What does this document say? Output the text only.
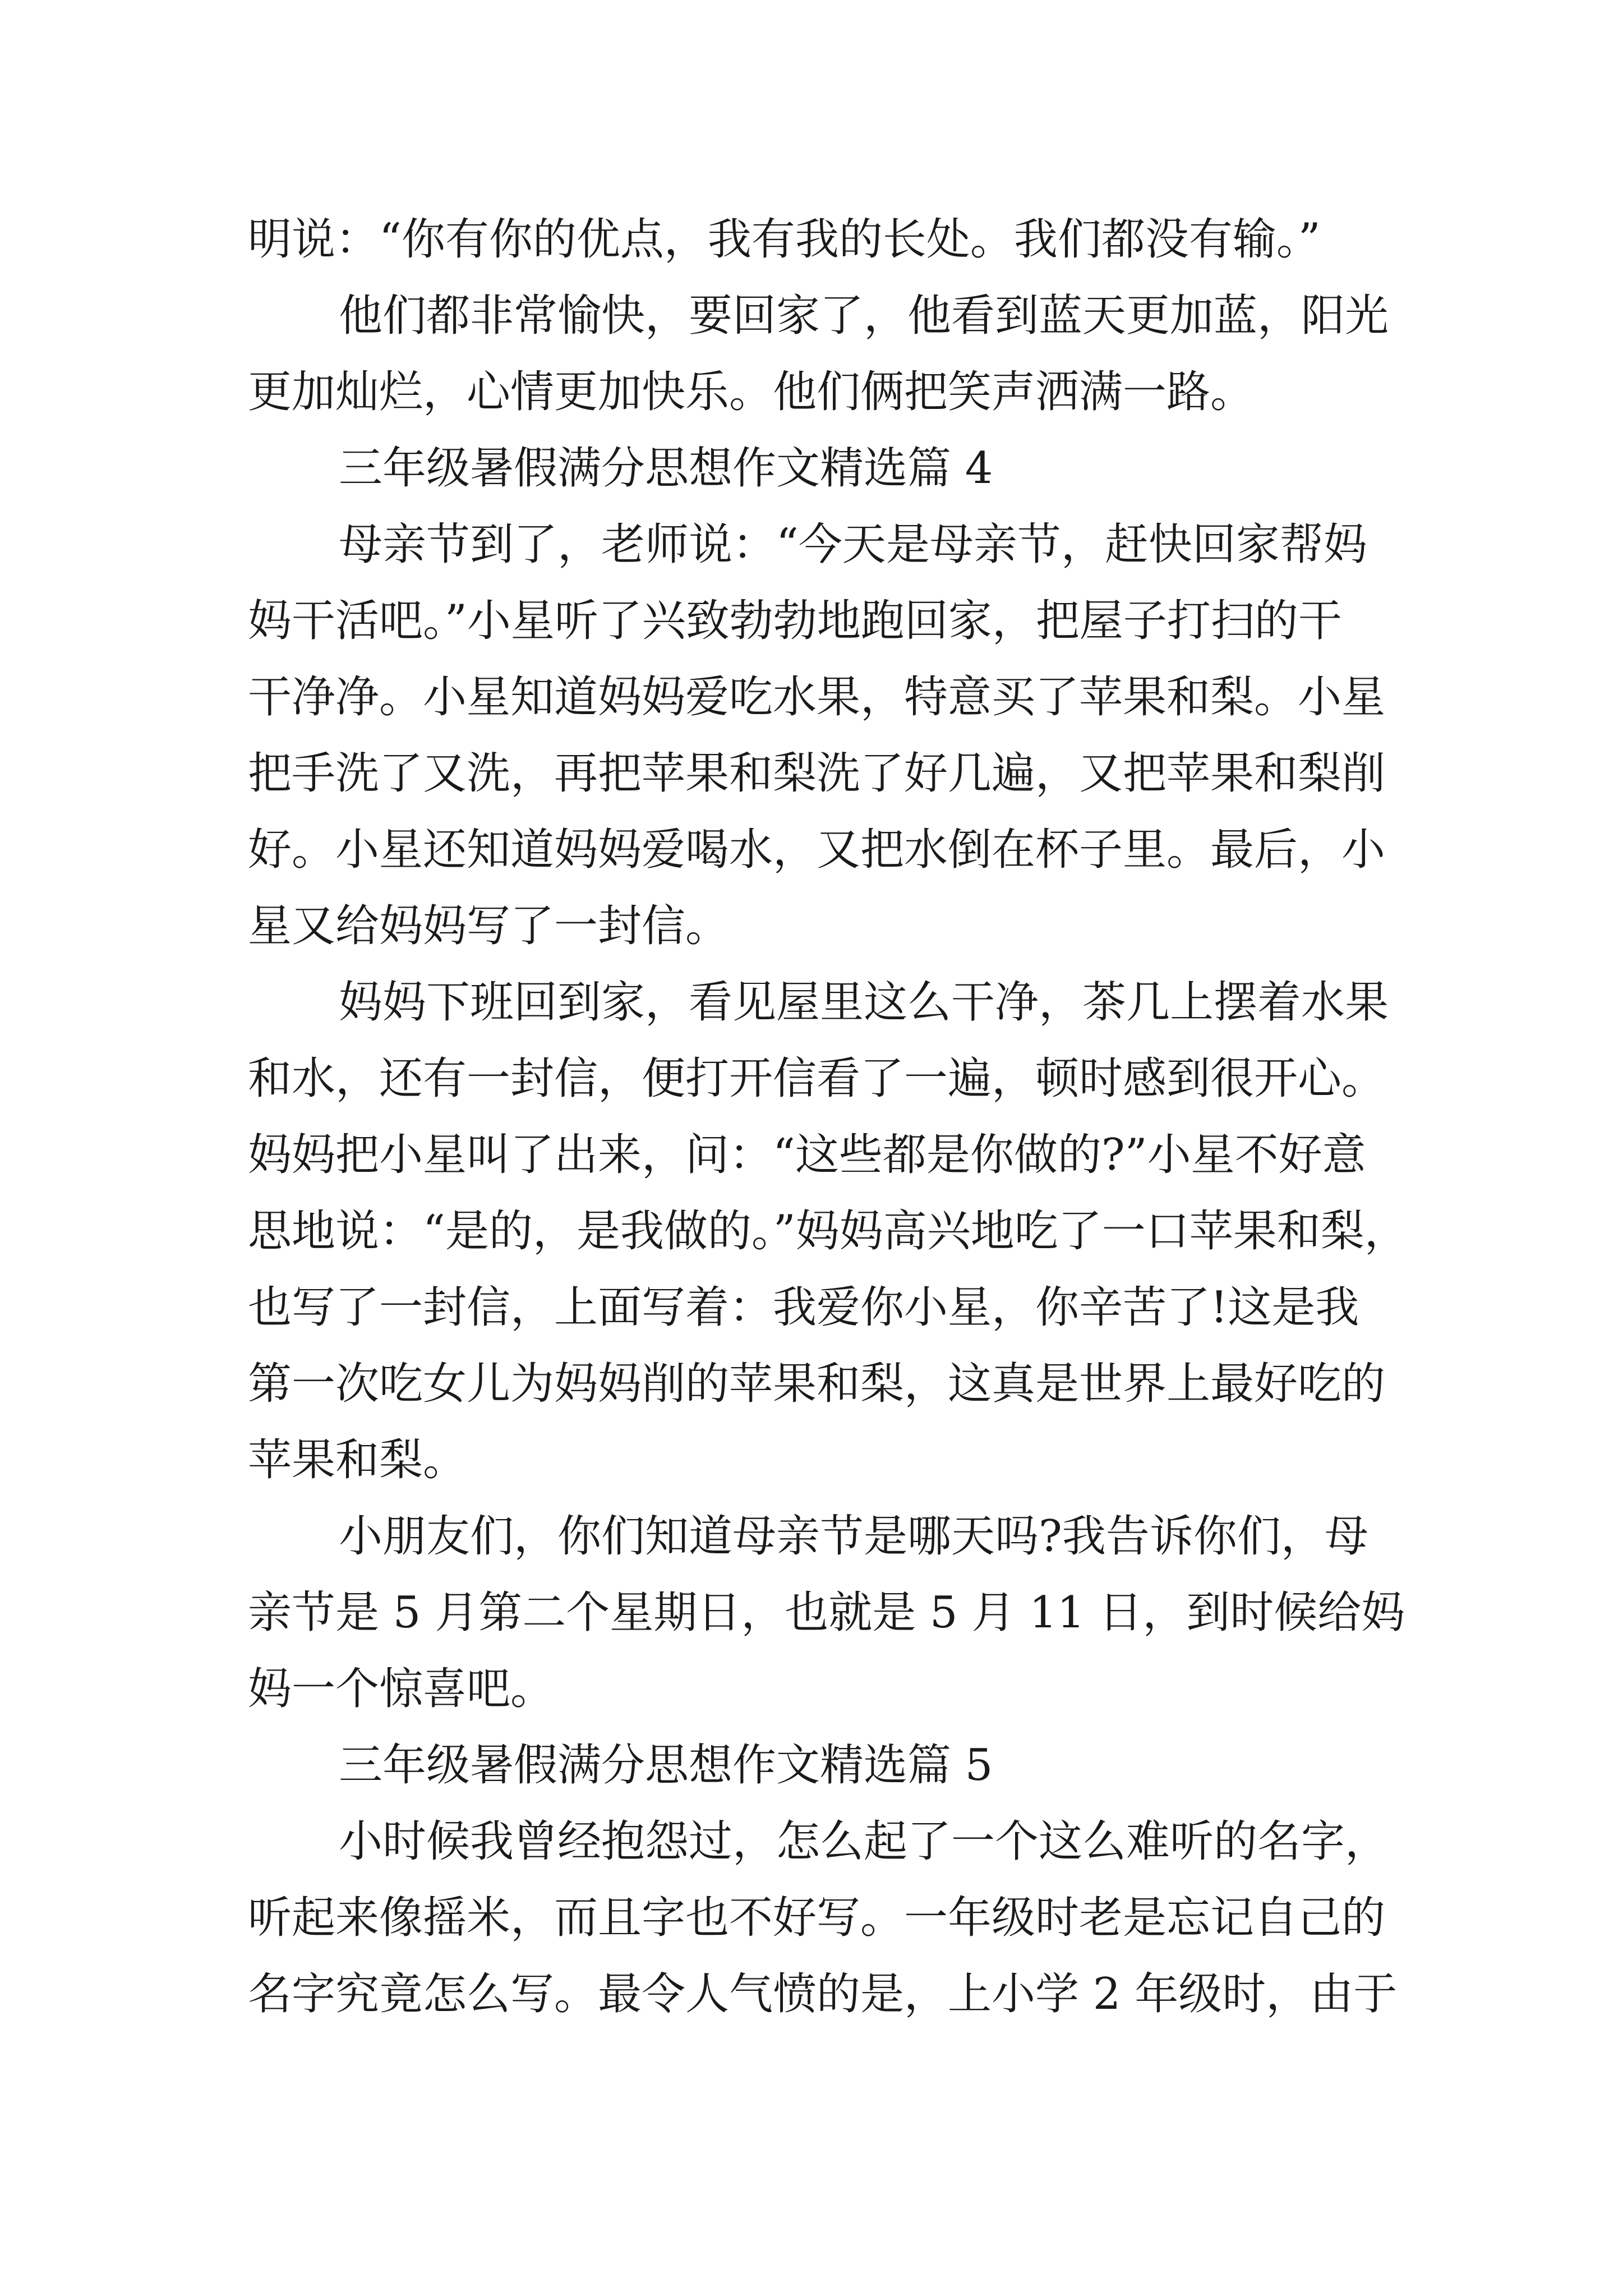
明说：“你有你的优点，我有我的长处。我们都没有输。”
他们都非常愉快，要回家了，他看到蓝天更加蓝，阳光
更加灿烂，心情更加快乐。他们俩把笑声洒满一路。
三年级暑假满分思想作文精选篇 4
母亲节到了，老师说：“今天是母亲节，赶快回家帮妈
妈干活吧。”小星听了兴致勃勃地跑回家，把屋子打扫的干
干净净。小星知道妈妈爱吃水果，特意买了苹果和梨。小星
把手洗了又洗，再把苹果和梨洗了好几遍，又把苹果和梨削
好。小星还知道妈妈爱喝水，又把水倒在杯子里。最后，小
星又给妈妈写了一封信。
妈妈下班回到家，看见屋里这么干净，茶几上摆着水果
和水，还有一封信，便打开信看了一遍，顿时感到很开心。
妈妈把小星叫了出来，问：“这些都是你做的?”小星不好意
思地说：“是的，是我做的。”妈妈高兴地吃了一口苹果和梨，
也写了一封信，上面写着：我爱你小星，你辛苦了!这是我
第一次吃女儿为妈妈削的苹果和梨，这真是世界上最好吃的
苹果和梨。
小朋友们，你们知道母亲节是哪天吗?我告诉你们，母
亲节是 5 月第二个星期日，也就是 5 月 11 日，到时候给妈
妈一个惊喜吧。
三年级暑假满分思想作文精选篇 5
小时候我曾经抱怨过，怎么起了一个这么难听的名字，
听起来像摇米，而且字也不好写。一年级时老是忘记自己的
名字究竟怎么写。最令人气愤的是，上小学 2 年级时，由于
